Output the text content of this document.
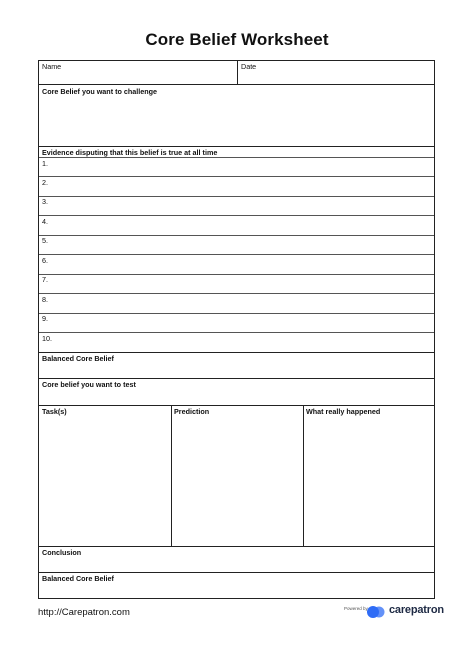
Core Belief Worksheet
Name	Date
Core Belief you want to challenge
Evidence disputing that this belief is true at all time
1.
2.
3.
4.
5.
6.
7.
8.
9.
10.
Balanced Core Belief
Core belief you want to test
Task(s)	Prediction	What really happened
Conclusion
Balanced Core Belief
http://Carepatron.com	Powered by carepatron
